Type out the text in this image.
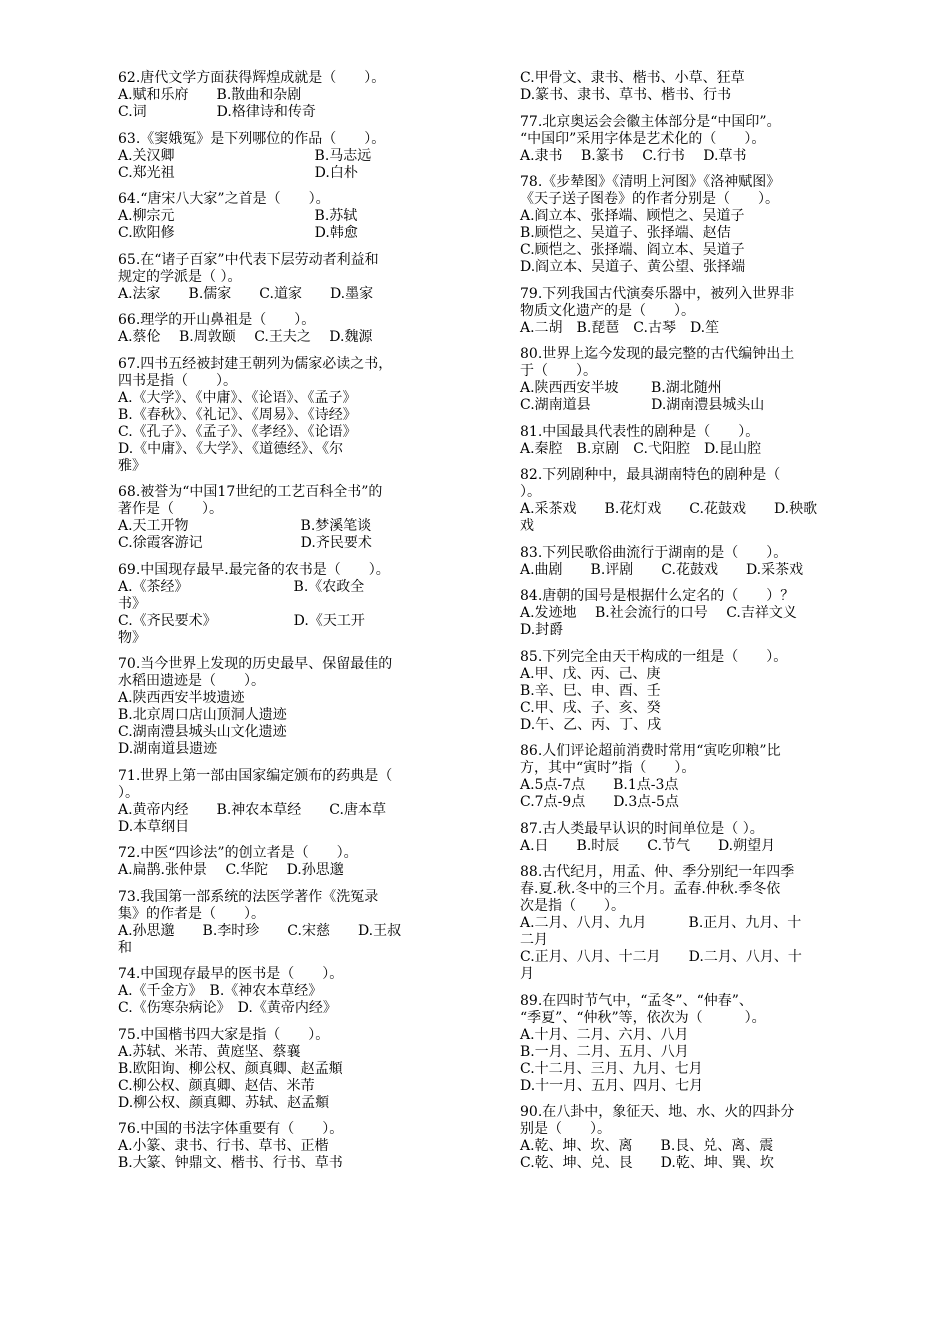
62.唐代文学方面获得辉煌成就是（　　）。
A.赋和乐府　　B.散曲和杂剧
C.词　　　　　D.格律诗和传奇
63.《窦娥冤》是下列哪位的作品（　　）。
A.关汉卿　　　　　　　　　　B.马志远
C.郑光祖　　　　　　　　　　D.白朴
64.“唐宋八大家”之首是（　　）。
A.柳宗元　　　　　　　　　　B.苏轼
C.欧阳修　　　　　　　　　　D.韩愈
65.在“诸子百家”中代表下层劳动者利益和
规定的学派是（ ）。
A.法家　　B.儒家　　C.道家　　D.墨家
66.理学的开山鼻祖是（　　）。
A.蔡伦　 B.周敦颐　 C.王夫之　 D.魏源
67.四书五经被封建王朝列为儒家必读之书，
四书是指（　　）。
A.《大学》、《中庸》、《论语》、《孟子》
B.《春秋》、《礼记》、《周易》、《诗经》
C.《孔子》、《孟子》、《孝经》、《论语》
D.《中庸》、《大学》、《道德经》、《尔
雅》
68.被誉为“中国17世纪的工艺百科全书”的
著作是（　　）。
A.天工开物　　　　　　　　B.梦溪笔谈
C.徐霞客游记　　　　　　　D.齐民要术
69.中国现存最早.最完备的农书是（　　）。
A.《茶经》　　　　　　　　B.《农政全
书》
C.《齐民要术》　　　　　　D.《天工开
物》
70.当今世界上发现的历史最早、保留最佳的
水稻田遗迹是（　　）。
A.陕西西安半坡遗迹
B.北京周口店山顶洞人遗迹
C.湖南澧县城头山文化遗迹
D.湖南道县遗迹
71.世界上第一部由国家编定颁布的药典是（
）。
A.黄帝内经　　B.神农本草经　　C.唐本草
D.本草纲目
72.中医“四诊法”的创立者是（　　）。
A.扁鹊.张仲景　 C.华陀　 D.孙思邈
73.我国第一部系统的法医学著作《洗冤录
集》的作者是（　　）。
A.孙思邈　　B.李时珍　　C.宋慈　　D.王叔
和
74.中国现存最早的医书是（　　）。
A.《千金方》　B.《神农本草经》
C.《伤寒杂病论》　D.《黄帝内经》
75.中国楷书四大家是指（　　）。
A.苏轼、米芾、黄庭坚、蔡襄
B.欧阳询、柳公权、颜真卿、赵孟頫
C.柳公权、颜真卿、赵佶、米芾
D.柳公权、颜真卿、苏轼、赵孟頫
76.中国的书法字体重要有（　　）。
A.小篆、隶书、行书、草书、正楷
B.大篆、钟鼎文、楷书、行书、草书
C.甲骨文、隶书、楷书、小草、狂草
D.篆书、隶书、草书、楷书、行书
77.北京奥运会会徽主体部分是“中国印”。
“中国印”采用字体是艺术化的（　　）。
A.隶书　 B.篆书　 C.行书　 D.草书
78.《步辇图》《清明上河图》《洛神赋图》
《天子送子图卷》的作者分别是（　　）。
A.阎立本、张择端、顾恺之、吴道子
B.顾恺之、吴道子、张择端、赵佶
C.顾恺之、张择端、阎立本、吴道子
D.阎立本、吴道子、黄公望、张择端
79.下列我国古代演奏乐器中，被列入世界非
物质文化遗产的是（　　）。
A.二胡　B.琵琶　C.古琴　D.笙
80.世界上迄今发现的最完整的古代编钟出土
于（　　）。
A.陕西西安半坡　　 B.湖北随州
C.湖南道县　　　　 D.湖南澧县城头山
81.中国最具代表性的剧种是（　　）。
A.秦腔　B.京剧　C.弋阳腔　D.昆山腔
82.下列剧种中，最具湖南特色的剧种是（
）。
A.采茶戏　　B.花灯戏　　C.花鼓戏　　D.秧歌
戏
83.下列民歌俗曲流行于湖南的是（　　）。
A.曲剧　　B.评剧　　C.花鼓戏　　D.采茶戏
84.唐朝的国号是根据什么定名的（　　）？
A.发迹地　 B.社会流行的口号　 C.吉祥文义
D.封爵
85.下列完全由天干构成的一组是（　　）。
A.甲、戊、丙、己、庚
B.辛、巳、申、酉、壬
C.甲、戌、子、亥、癸
D.午、乙、丙、丁、戌
86.人们评论超前消费时常用“寅吃卯粮”比
方，其中“寅时”指（　　）。
A.5点-7点　　B.1点-3点
C.7点-9点　　D.3点-5点
87.古人类最早认识的时间单位是（ ）。
A.日　　B.时辰　　C.节气　　D.朔望月
88.古代纪月，用孟、仲、季分别纪一年四季
春.夏.秋.冬中的三个月。孟春.仲秋.季冬依
次是指（　　）。
A.二月、八月、九月　　　B.正月、九月、十
二月
C.正月、八月、十二月　　D.二月、八月、十
月
89.在四时节气中，“孟冬”、“仲春”、
“季夏”、“仲秋”等，依次为（　　　）。
A.十月、二月、六月、八月
B.一月、二月、五月、八月
C.十二月、三月、九月、七月
D.十一月、五月、四月、七月
90.在八卦中，象征天、地、水、火的四卦分
别是（　　）。
A.乾、坤、坎、离　　B.艮、兑、离、震
C.乾、坤、兑、艮　　D.乾、坤、巽、坎
